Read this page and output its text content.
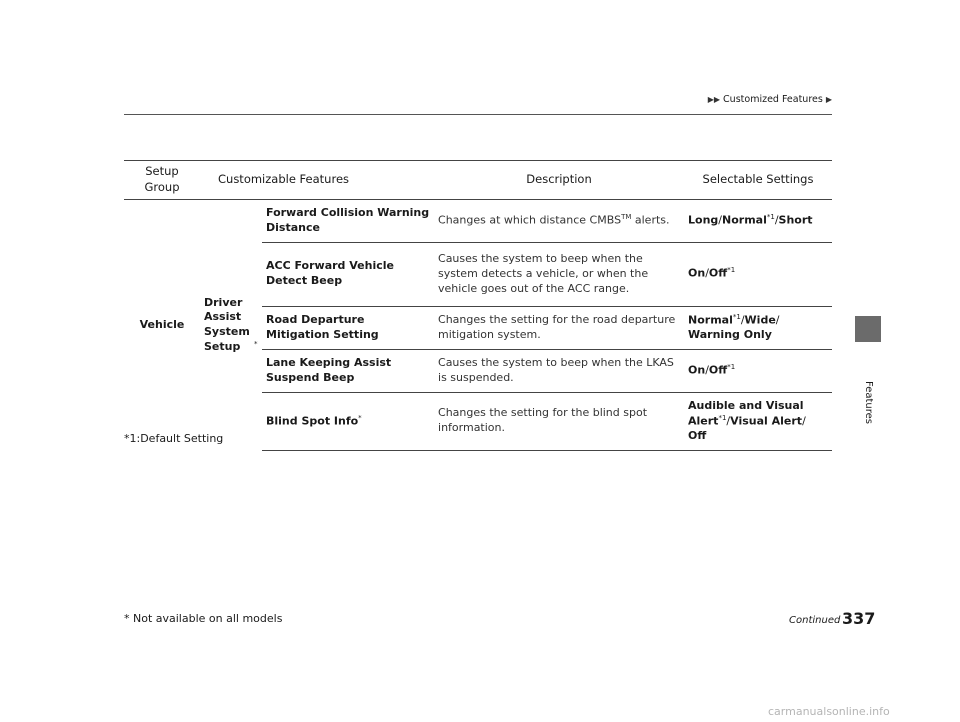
▶▶ Customized Features ▶
Features
Setup Group	Customizable Features		Description	Selectable Settings
Vehicle	Driver Assist System Setup *	Forward Collision Warning Distance	Changes at which distance CMBS™ alerts.	Long/Normal$^{*1}$/Short
		ACC Forward Vehicle Detect Beep	Causes the system to beep when the system detects a vehicle, or when the vehicle goes out of the ACC range.	On/Off$^{*1}$
		Road Departure Mitigation Setting	Changes the setting for the road departure mitigation system.	Normal$^{*1}$/Wide/
Warning Only
		Lane Keeping Assist Suspend Beep	Causes the system to beep when the LKAS is suspended.	On/Off$^{*1}$
		Blind Spot Info*	Changes the setting for the blind spot information.	Audible and Visual Alert$^{*1}$/Visual Alert/
Off
*1:Default Setting
* Not available on all models	Continued 337
carmanualsonline.info
